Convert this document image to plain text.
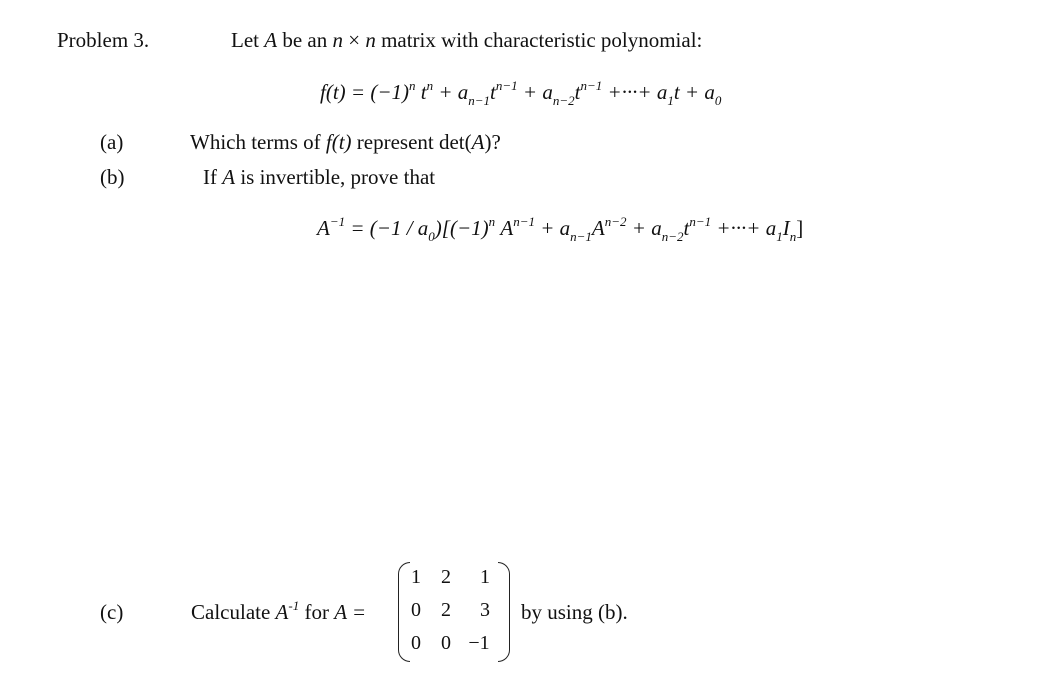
Problem 3.	Let A be an n × n matrix with characteristic polynomial:
$f(t) = (-1)^n$ $t^n + a_{n-1}t^{n-1} + a_{n-2}t^{n-1}$ +···+ $a_1t + a_0$
(a)	Which terms of f(t) represent det(A)?
(b)	If A is invertible, prove that
$A^{-1} = (-1 / a_0)[(-1)^n$ $A^{n-1} + a_{n-1}A^{n-2} + a_{n-2}t^{n-1}$ +···+ $a_1I_n$]
(c)	Calculate $A^{-1}$ for A =
1	2	1
0	2	3
0	0 −1
by using (b).
